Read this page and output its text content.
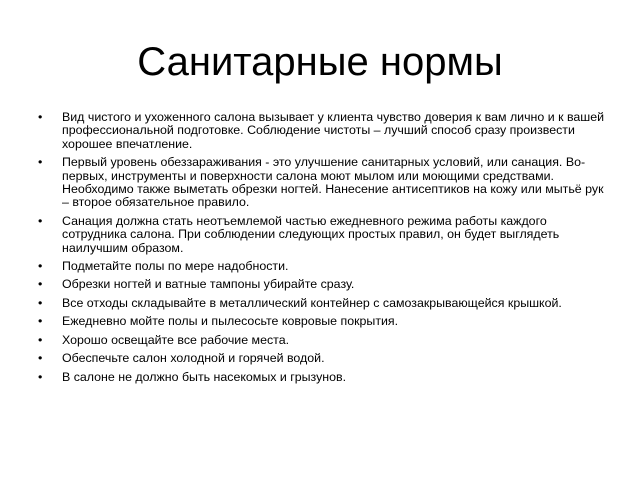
Санитарные нормы
•	Вид чистого и ухоженного салона вызывает у клиента чувство доверия к вам лично и к вашей профессиональной подготовке. Соблюдение чистоты – лучший способ сразу произвести хорошее впечатление.
•	Первый уровень обеззараживания - это улучшение санитарных условий, или санация. Во-первых, инструменты и поверхности салона моют мылом или моющими средствами. Необходимо также выметать обрезки ногтей. Нанесение антисептиков на кожу или мытьё рук – второе обязательное правило.
•	Санация должна стать неотъемлемой частью ежедневного режима работы каждого сотрудника салона. При соблюдении следующих простых правил, он будет выглядеть наилучшим образом.
•	Подметайте полы по мере надобности.
•	Обрезки ногтей и ватные тампоны убирайте сразу.
•	Все отходы складывайте в металлический контейнер с самозакрывающейся крышкой.
•	Ежедневно мойте полы и пылесосьте ковровые покрытия.
•	Хорошо освещайте все рабочие места.
•	Обеспечьте салон холодной и горячей водой.
•	В салоне не должно быть насекомых и грызунов.
